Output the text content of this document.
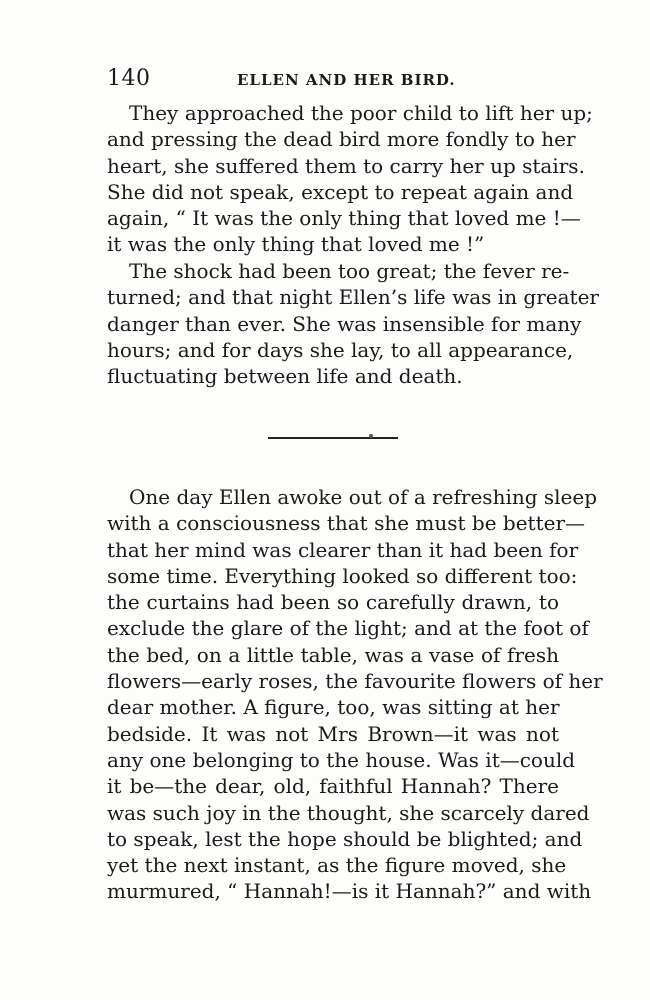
140	ELLEN AND HER BIRD.
They approached the poor child to lift her up;
and pressing the dead bird more fondly to her
heart, she suffered them to carry her up stairs.
She did not speak, except to repeat again and
again, “ It was the only thing that loved me !—
it was the only thing that loved me !”
The shock had been too great; the fever re-
turned; and that night Ellen’s life was in greater
danger than ever. She was insensible for many
hours; and for days she lay, to all appearance,
fluctuating between life and death.
One day Ellen awoke out of a refreshing sleep
with a consciousness that she must be better—
that her mind was clearer than it had been for
some time. Everything looked so different too:
the curtains had been so carefully drawn, to
exclude the glare of the light; and at the foot of
the bed, on a little table, was a vase of fresh
flowers—early roses, the favourite flowers of her
dear mother. A figure, too, was sitting at her
bedside. It was not Mrs Brown—it was not
any one belonging to the house. Was it—could
it be—the dear, old, faithful Hannah? There
was such joy in the thought, she scarcely dared
to speak, lest the hope should be blighted; and
yet the next instant, as the figure moved, she
murmured, “ Hannah!—is it Hannah?” and with
